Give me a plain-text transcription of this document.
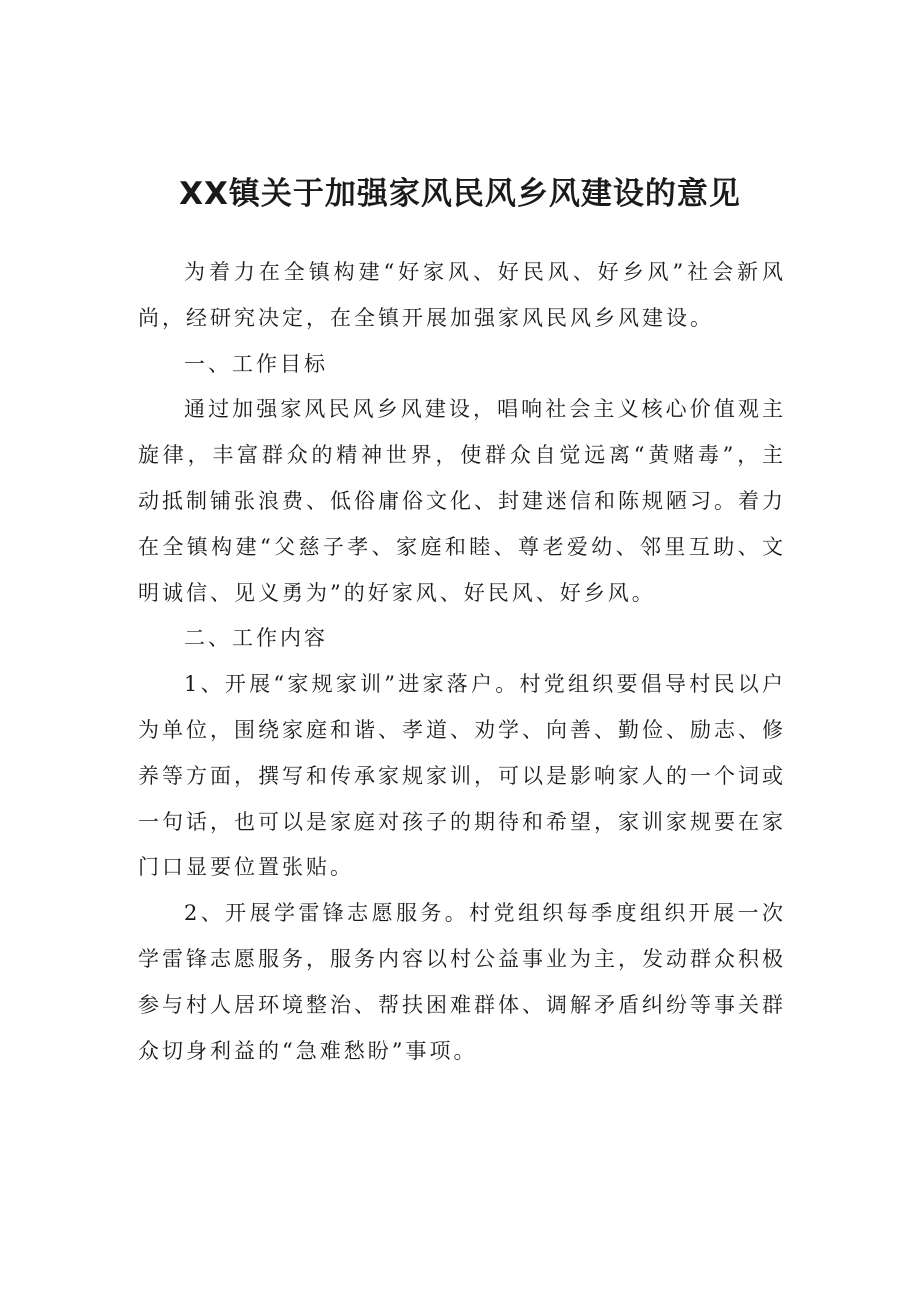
XX镇关于加强家风民风乡风建设的意见

为着力在全镇构建“好家风、好民风、好乡风”社会新风尚，经研究决定，在全镇开展加强家风民风乡风建设。

一、工作目标

通过加强家风民风乡风建设，唱响社会主义核心价值观主旋律，丰富群众的精神世界，使群众自觉远离“黄赌毒”，主动抵制铺张浪费、低俗庸俗文化、封建迷信和陈规陋习。着力在全镇构建“父慈子孝、家庭和睦、尊老爱幼、邻里互助、文明诚信、见义勇为”的好家风、好民风、好乡风。

二、工作内容

1、开展“家规家训”进家落户。村党组织要倡导村民以户为单位，围绕家庭和谐、孝道、劝学、向善、勤俭、励志、修养等方面，撰写和传承家规家训，可以是影响家人的一个词或一句话，也可以是家庭对孩子的期待和希望，家训家规要在家门口显要位置张贴。

2、开展学雷锋志愿服务。村党组织每季度组织开展一次学雷锋志愿服务，服务内容以村公益事业为主，发动群众积极参与村人居环境整治、帮扶困难群体、调解矛盾纠纷等事关群众切身利益的“急难愁盼”事项。
